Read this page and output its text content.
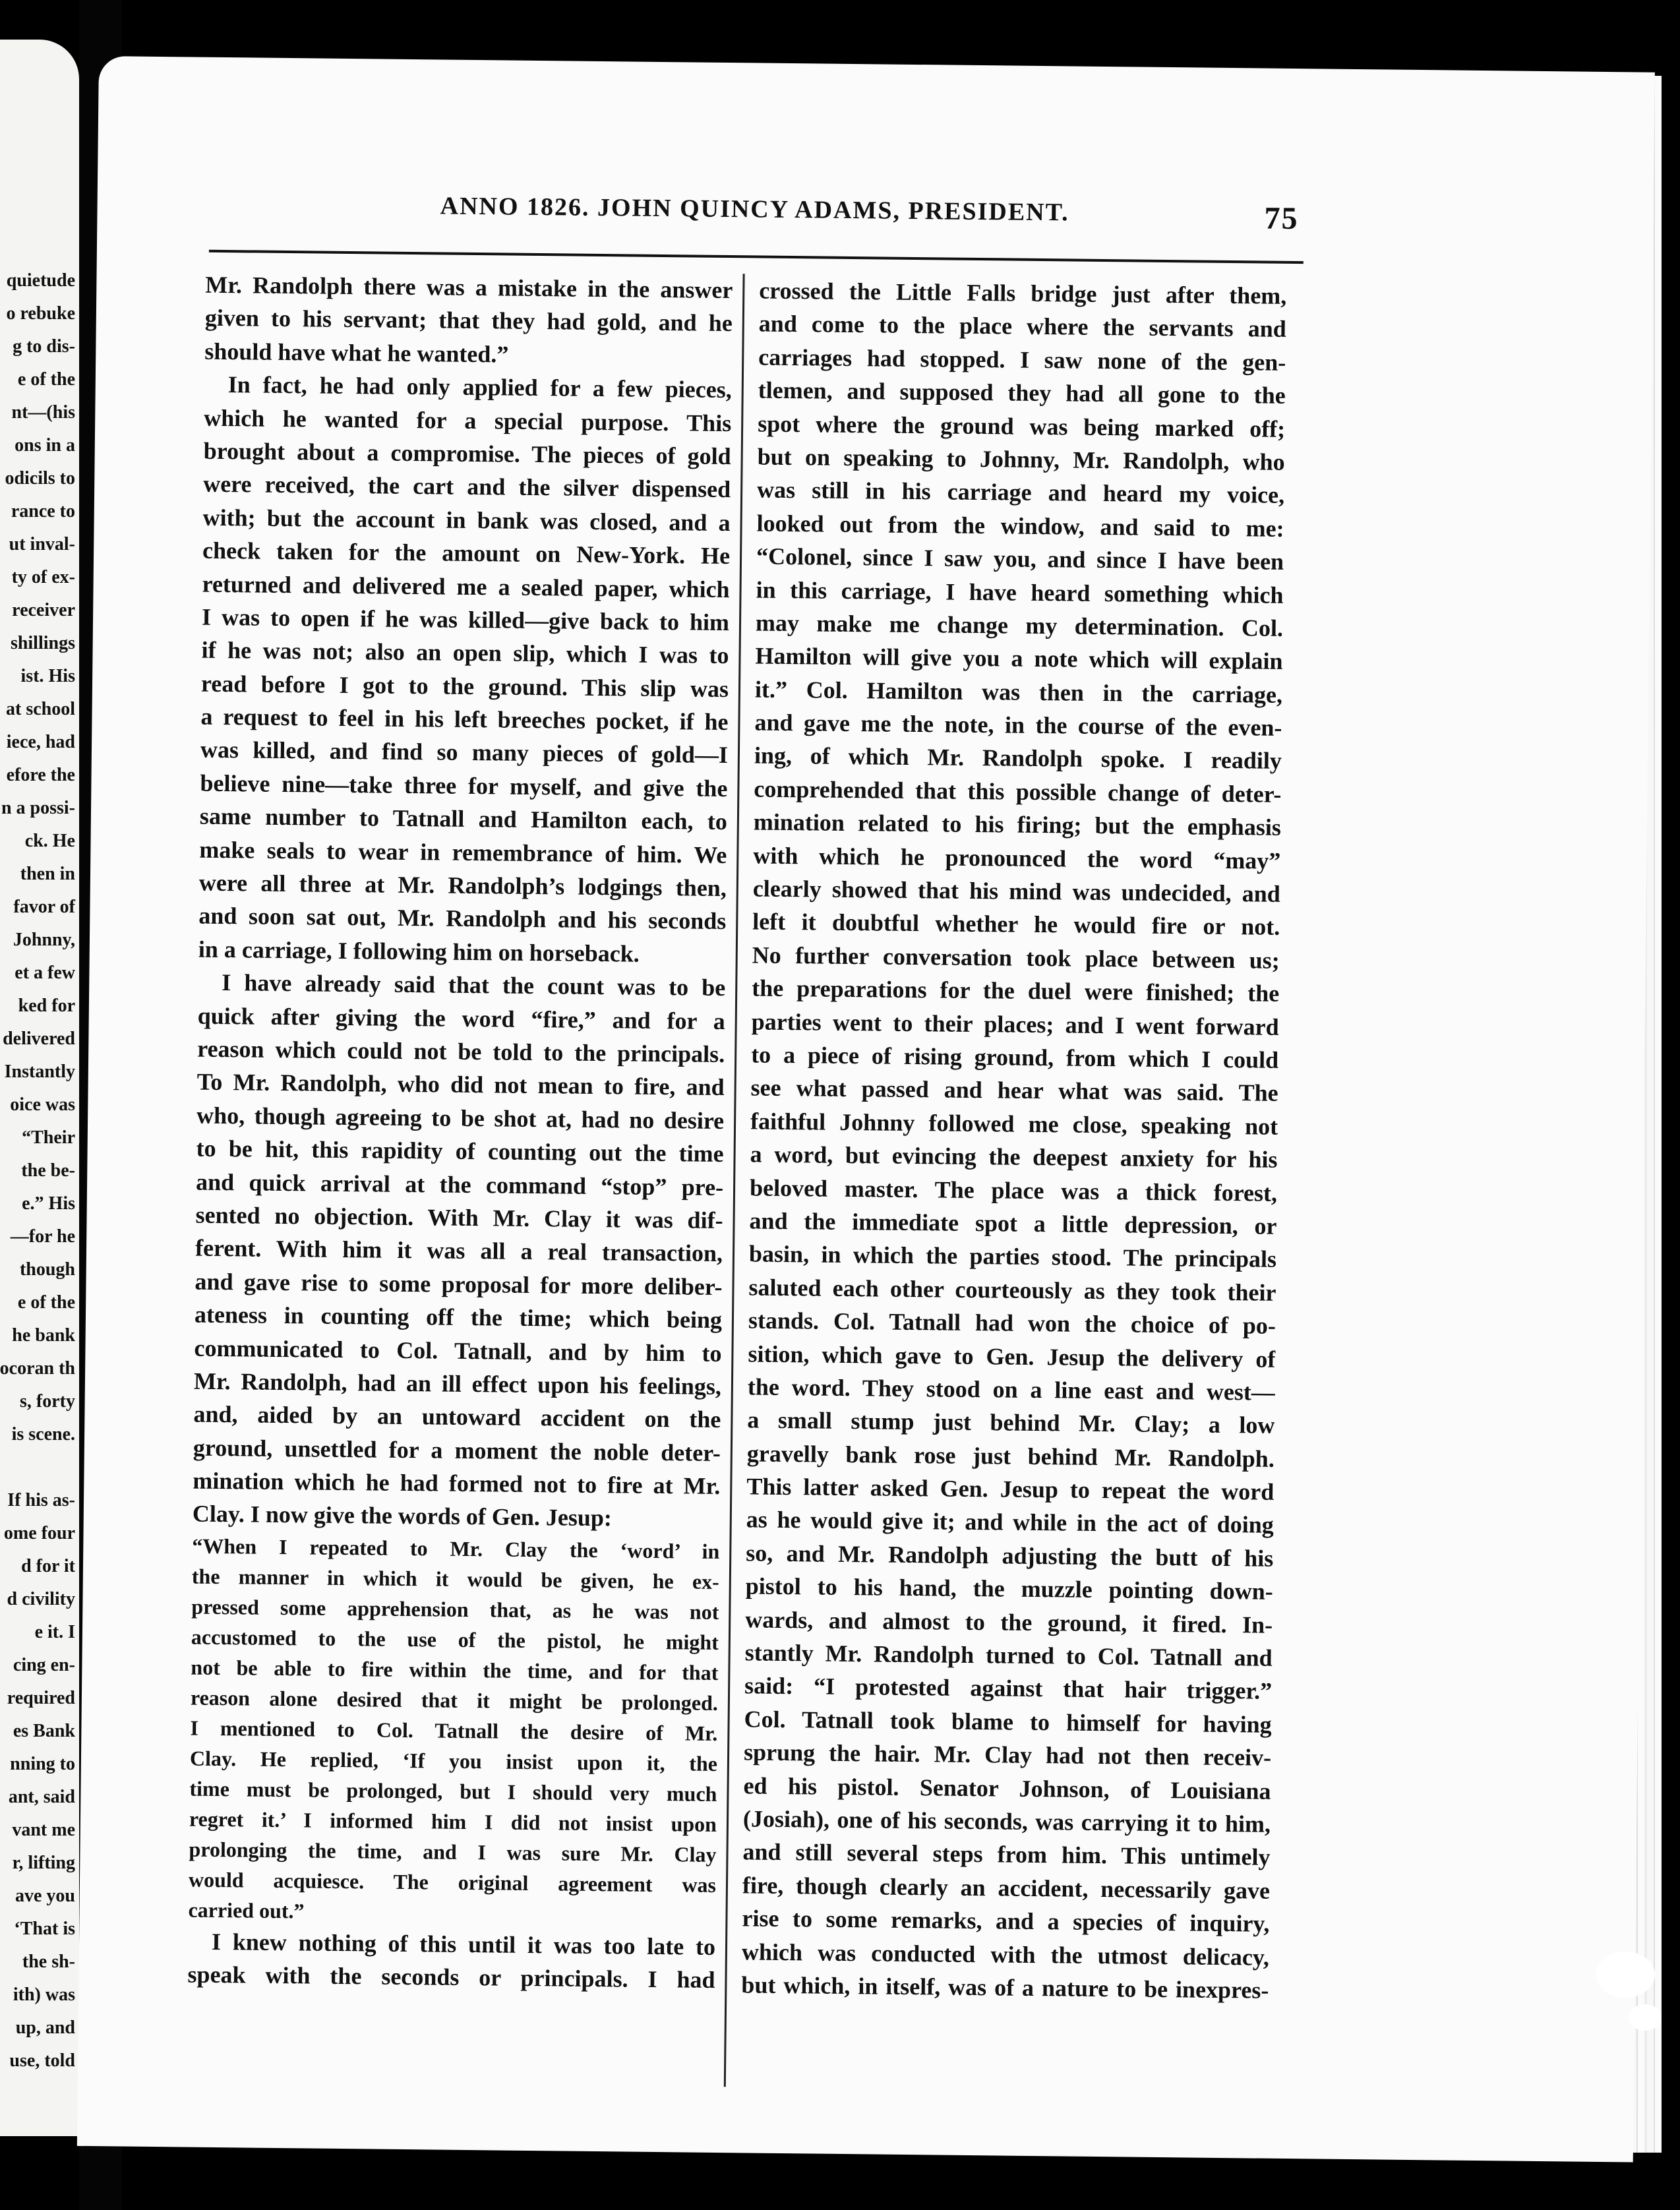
quietude
o rebuke
g to dis-
e of the
nt—(his
ons in a
odicils to
rance to
ut inval-
ty of ex-
receiver
shillings
ist. His
at school
iece, had
efore the
n a possi-
ck. He
then in
favor of
Johnny,
et a few
ked for
delivered
Instantly
oice was
“Their
the be-
e.” His
—for he
though
e of the
he bank
ocoran th
s, forty
is scene.
If his as-
ome four
d for it
d civility
e it. I
cing en-
required
es Bank
nning to
ant, said
vant me
r, lifting
ave you
‘That is
the sh-
ith) was
up, and
use, told
ANNO 1826. JOHN QUINCY ADAMS, PRESIDENT.	75
Mr. Randolph there was a mistake in the answer
given to his servant; that they had gold, and he
should have what he wanted.”
In fact, he had only applied for a few pieces,
which he wanted for a special purpose. This
brought about a compromise. The pieces of gold
were received, the cart and the silver dispensed
with; but the account in bank was closed, and a
check taken for the amount on New-York. He
returned and delivered me a sealed paper, which
I was to open if he was killed—give back to him
if he was not; also an open slip, which I was to
read before I got to the ground. This slip was
a request to feel in his left breeches pocket, if he
was killed, and find so many pieces of gold—I
believe nine—take three for myself, and give the
same number to Tatnall and Hamilton each, to
make seals to wear in remembrance of him. We
were all three at Mr. Randolph’s lodgings then,
and soon sat out, Mr. Randolph and his seconds
in a carriage, I following him on horseback.
I have already said that the count was to be
quick after giving the word “fire,” and for a
reason which could not be told to the principals.
To Mr. Randolph, who did not mean to fire, and
who, though agreeing to be shot at, had no desire
to be hit, this rapidity of counting out the time
and quick arrival at the command “stop” pre-
sented no objection. With Mr. Clay it was dif-
ferent. With him it was all a real transaction,
and gave rise to some proposal for more deliber-
ateness in counting off the time; which being
communicated to Col. Tatnall, and by him to
Mr. Randolph, had an ill effect upon his feelings,
and, aided by an untoward accident on the
ground, unsettled for a moment the noble deter-
mination which he had formed not to fire at Mr.
Clay. I now give the words of Gen. Jesup:
“When I repeated to Mr. Clay the ‘word’ in
the manner in which it would be given, he ex-
pressed some apprehension that, as he was not
accustomed to the use of the pistol, he might
not be able to fire within the time, and for that
reason alone desired that it might be prolonged.
I mentioned to Col. Tatnall the desire of Mr.
Clay. He replied, ‘If you insist upon it, the
time must be prolonged, but I should very much
regret it.’ I informed him I did not insist upon
prolonging the time, and I was sure Mr. Clay
would acquiesce. The original agreement was
carried out.”
I knew nothing of this until it was too late to
speak with the seconds or principals. I had
crossed the Little Falls bridge just after them,
and come to the place where the servants and
carriages had stopped. I saw none of the gen-
tlemen, and supposed they had all gone to the
spot where the ground was being marked off;
but on speaking to Johnny, Mr. Randolph, who
was still in his carriage and heard my voice,
looked out from the window, and said to me:
“Colonel, since I saw you, and since I have been
in this carriage, I have heard something which
may make me change my determination. Col.
Hamilton will give you a note which will explain
it.” Col. Hamilton was then in the carriage,
and gave me the note, in the course of the even-
ing, of which Mr. Randolph spoke. I readily
comprehended that this possible change of deter-
mination related to his firing; but the emphasis
with which he pronounced the word “may”
clearly showed that his mind was undecided, and
left it doubtful whether he would fire or not.
No further conversation took place between us;
the preparations for the duel were finished; the
parties went to their places; and I went forward
to a piece of rising ground, from which I could
see what passed and hear what was said. The
faithful Johnny followed me close, speaking not
a word, but evincing the deepest anxiety for his
beloved master. The place was a thick forest,
and the immediate spot a little depression, or
basin, in which the parties stood. The principals
saluted each other courteously as they took their
stands. Col. Tatnall had won the choice of po-
sition, which gave to Gen. Jesup the delivery of
the word. They stood on a line east and west—
a small stump just behind Mr. Clay; a low
gravelly bank rose just behind Mr. Randolph.
This latter asked Gen. Jesup to repeat the word
as he would give it; and while in the act of doing
so, and Mr. Randolph adjusting the butt of his
pistol to his hand, the muzzle pointing down-
wards, and almost to the ground, it fired. In-
stantly Mr. Randolph turned to Col. Tatnall and
said: “I protested against that hair trigger.”
Col. Tatnall took blame to himself for having
sprung the hair. Mr. Clay had not then receiv-
ed his pistol. Senator Johnson, of Louisiana
(Josiah), one of his seconds, was carrying it to him,
and still several steps from him. This untimely
fire, though clearly an accident, necessarily gave
rise to some remarks, and a species of inquiry,
which was conducted with the utmost delicacy,
but which, in itself, was of a nature to be inexpres-
